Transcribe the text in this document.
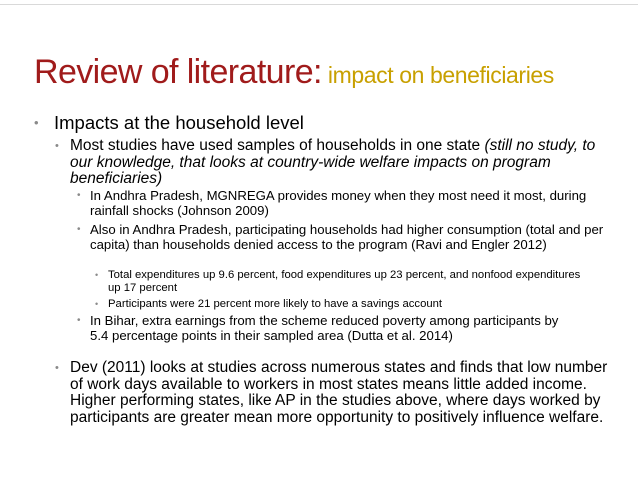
Review of literature: impact on beneficiaries
• Impacts at the household level
• Most studies have used samples of households in one state (still no study, to our knowledge, that looks at country-wide welfare impacts on program beneficiaries)
• In Andhra Pradesh, MGNREGA provides money when they most need it most, during rainfall shocks (Johnson 2009)
• Also in Andhra Pradesh, participating households had higher consumption (total and per capita) than households denied access to the program (Ravi and Engler 2012)
• Total expenditures up 9.6 percent, food expenditures up 23 percent, and nonfood expenditures up 17 percent
• Participants were 21 percent more likely to have a savings account
• In Bihar, extra earnings from the scheme reduced poverty among participants by 5.4 percentage points in their sampled area (Dutta et al. 2014)
• Dev (2011) looks at studies across numerous states and finds that low number of work days available to workers in most states means little added income. Higher performing states, like AP in the studies above, where days worked by participants are greater mean more opportunity to positively influence welfare.
